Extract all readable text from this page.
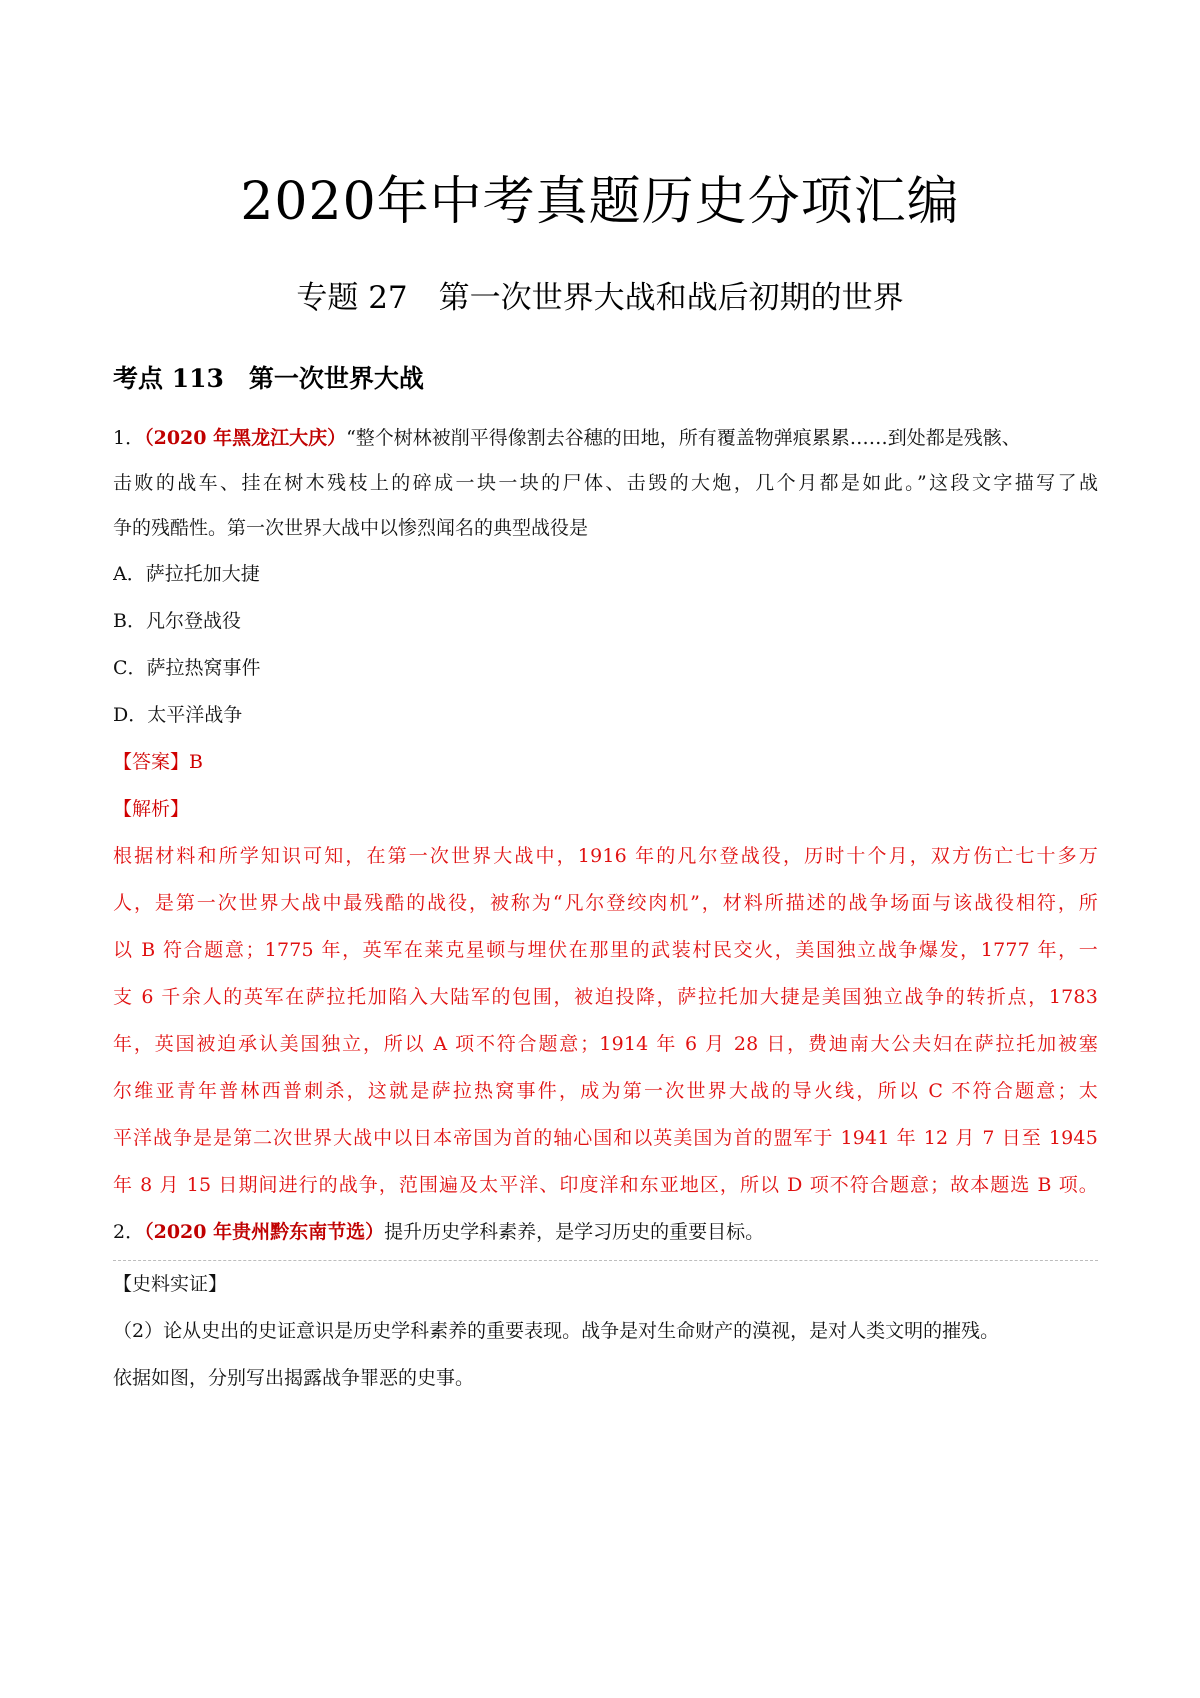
2020年中考真题历史分项汇编
专题 27　第一次世界大战和战后初期的世界
考点 113　第一次世界大战
1．（2020 年黑龙江大庆）“整个树林被削平得像割去谷穗的田地，所有覆盖物弹痕累累……到处都是残骸、
击败的战车、挂在树木残枝上的碎成一块一块的尸体、击毁的大炮，几个月都是如此。”这段文字描写了战
争的残酷性。第一次世界大战中以惨烈闻名的典型战役是
A．萨拉托加大捷
B．凡尔登战役
C．萨拉热窝事件
D．太平洋战争
【答案】B
【解析】

根据材料和所学知识可知，在第一次世界大战中，1916 年的凡尔登战役，历时十个月，双方伤亡七十多万

人，是第一次世界大战中最残酷的战役，被称为“凡尔登绞肉机”，材料所描述的战争场面与该战役相符，所

以 B 符合题意；1775 年，英军在莱克星顿与埋伏在那里的武装村民交火，美国独立战争爆发，1777 年，一

支 6 千余人的英军在萨拉托加陷入大陆军的包围，被迫投降，萨拉托加大捷是美国独立战争的转折点，1783

年，英国被迫承认美国独立，所以 A 项不符合题意；1914 年 6 月 28 日，费迪南大公夫妇在萨拉托加被塞

尔维亚青年普林西普刺杀，这就是萨拉热窝事件，成为第一次世界大战的导火线，所以 C 不符合题意；太

平洋战争是是第二次世界大战中以日本帝国为首的轴心国和以英美国为首的盟军于 1941 年 12 月 7 日至 1945

年 8 月 15 日期间进行的战争，范围遍及太平洋、印度洋和东亚地区，所以 D 项不符合题意；故本题选 B 项。

2．（2020 年贵州黔东南节选）提升历史学科素养，是学习历史的重要目标。
【史料实证】
（2）论从史出的史证意识是历史学科素养的重要表现。战争是对生命财产的漠视，是对人类文明的摧残。
依据如图，分别写出揭露战争罪恶的史事。
